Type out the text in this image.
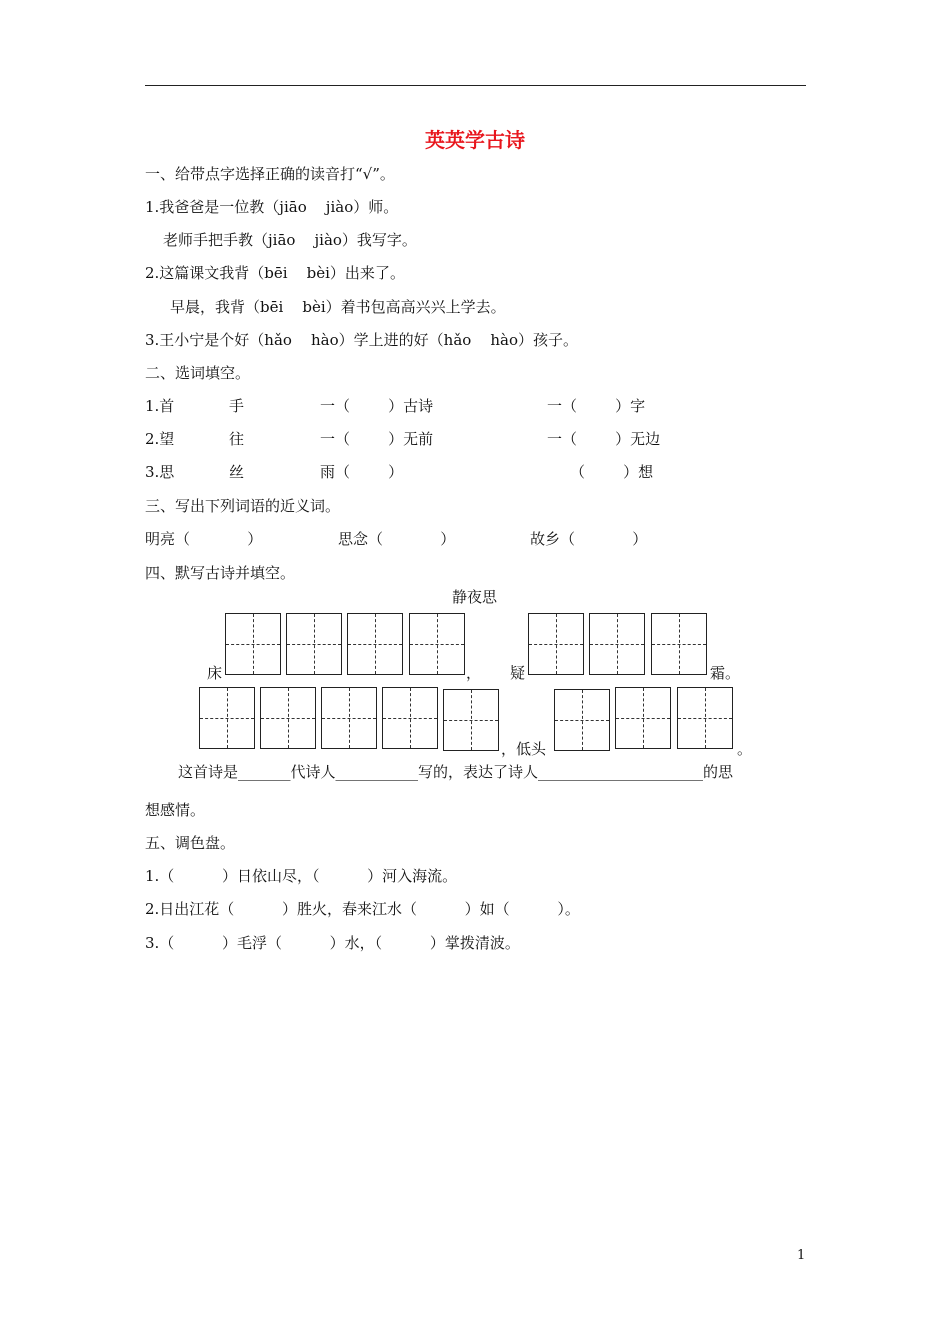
英英学古诗
一、给带点字选择正确的读音打“√”。
1.我爸爸是一位教（jiāo    jiào）师。
老师手把手教（jiāo    jiào）我写字。
2.这篇课文我背（bēi    bèi）出来了。
早晨，我背（bēi    bèi）着书包高高兴兴上学去。
3.王小宁是个好（hǎo    hào）学上进的好（hǎo    hào）孩子。
二、选词填空。
1.首	手	一（        ）古诗	一（        ）字
2.望	往	一（        ）无前	一（        ）无边
3.思	丝	雨（        ）	（        ）想
三、写出下列词语的近义词。
明亮（            ）	思念（            ）	故乡（            ）
四、默写古诗并填空。
静夜思
床	， 疑	霜。
，低头	。
这首诗是_______代诗人___________写的，表达了诗人______________________的思
想感情。
五、调色盘。
1.（          ）日依山尽，（          ）河入海流。
2.日出江花（          ）胜火，春来江水（          ）如（          ）。
3.（          ）毛浮（          ）水，（          ）掌拨清波。
1
